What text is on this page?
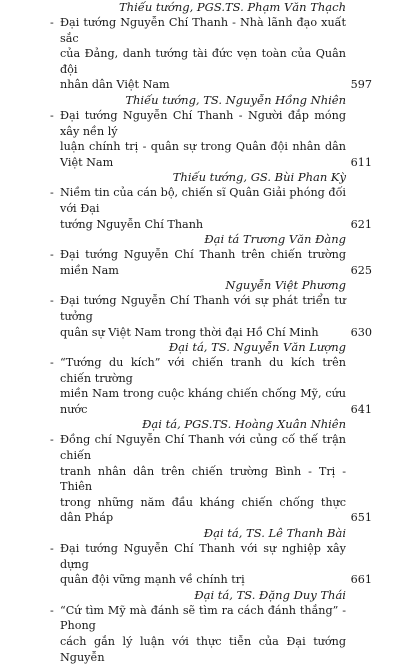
Thiếu tướng, PGS.TS. Phạm Văn Thạch
- Đại tướng Nguyễn Chí Thanh - Nhà lãnh đạo xuất sắc
của Đảng, danh tướng tài đức vẹn toàn của Quân đội
nhân dân Việt Nam	597
Thiếu tướng, TS. Nguyễn Hồng Nhiên
- Đại tướng Nguyễn Chí Thanh - Người đắp móng xây nền lý
luận chính trị - quân sự trong Quân đội nhân dân Việt Nam	611
Thiếu tướng, GS. Bùi Phan Kỳ
- Niềm tin của cán bộ, chiến sĩ Quân Giải phóng đối với Đại
tướng Nguyễn Chí Thanh	621
Đại tá Trương Văn Đàng
- Đại tướng Nguyễn Chí Thanh trên chiến trường miền Nam	625
Nguyễn Việt Phương
- Đại tướng Nguyễn Chí Thanh với sự phát triển tư tưởng
quân sự Việt Nam trong thời đại Hồ Chí Minh	630
Đại tá, TS. Nguyễn Văn Lượng
- “Tướng du kích” với chiến tranh du kích trên chiến trường
miền Nam trong cuộc kháng chiến chống Mỹ, cứu nước	641
Đại tá, PGS.TS. Hoàng Xuân Nhiên
- Đồng chí Nguyễn Chí Thanh với củng cố thế trận chiến
tranh nhân dân trên chiến trường Bình - Trị - Thiên
trong những năm đầu kháng chiến chống thực dân Pháp	651
Đại tá, TS. Lê Thanh Bài
- Đại tướng Nguyễn Chí Thanh với sự nghiệp xây dựng
quân đội vững mạnh về chính trị	661
Đại tá, TS. Đặng Duy Thái
- “Cứ tìm Mỹ mà đánh sẽ tìm ra cách đánh thắng” - Phong
cách gắn lý luận với thực tiễn của Đại tướng Nguyễn
